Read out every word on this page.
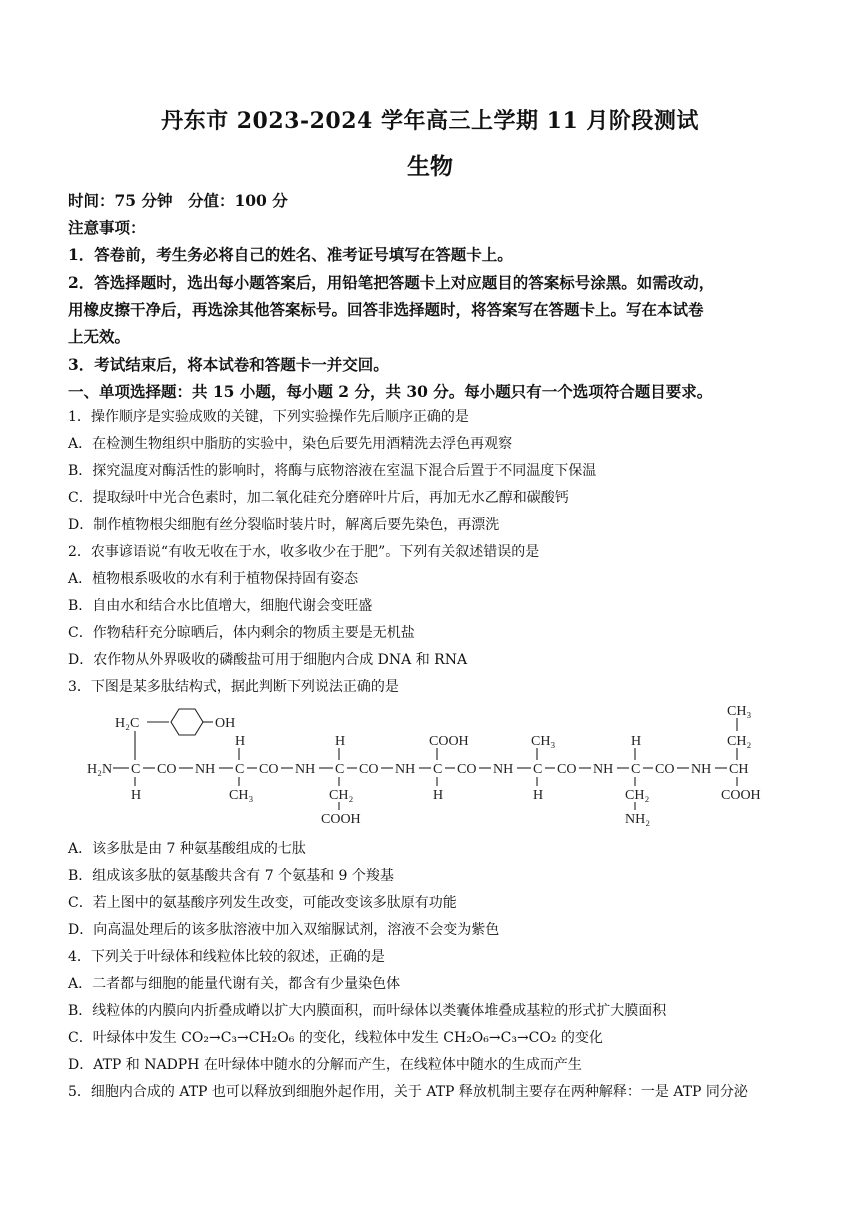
丹东市 2023-2024 学年高三上学期 11 月阶段测试
生物
时间：75 分钟　分值：100 分
注意事项：
1．答卷前，考生务必将自己的姓名、准考证号填写在答题卡上。
2．答选择题时，选出每小题答案后，用铅笔把答题卡上对应题目的答案标号涂黑。如需改动，
用橡皮擦干净后，再选涂其他答案标号。回答非选择题时，将答案写在答题卡上。写在本试卷
上无效。
3．考试结束后，将本试卷和答题卡一并交回。
一、单项选择题：共 15 小题，每小题 2 分，共 30 分。每小题只有一个选项符合题目要求。
1．操作顺序是实验成败的关键，下列实验操作先后顺序正确的是
A．在检测生物组织中脂肪的实验中，染色后要先用酒精洗去浮色再观察
B．探究温度对酶活性的影响时，将酶与底物溶液在室温下混合后置于不同温度下保温
C．提取绿叶中光合色素时，加二氧化硅充分磨碎叶片后，再加无水乙醇和碳酸钙
D．制作植物根尖细胞有丝分裂临时装片时，解离后要先染色，再漂洗
2．农事谚语说“有收无收在于水，收多收少在于肥”。下列有关叙述错误的是
A．植物根系吸收的水有利于植物保持固有姿态
B．自由水和结合水比值增大，细胞代谢会变旺盛
C．作物秸秆充分晾晒后，体内剩余的物质主要是无机盐
D．农作物从外界吸收的磷酸盐可用于细胞内合成 DNA 和 RNA
3．下图是某多肽结构式，据此判断下列说法正确的是
H₂C	OH
H	H	COOH	CH₃	H
CH₃
CH₂
H₂N C CO NH C CO NH C CO NH C CO NH C CO NH C CO NH CH
H	CH₃	CH₂
COOH
H	H	CH₂
NH₂
COOH
A．该多肽是由 7 种氨基酸组成的七肽
B．组成该多肽的氨基酸共含有 7 个氨基和 9 个羧基
C．若上图中的氨基酸序列发生改变，可能改变该多肽原有功能
D．向高温处理后的该多肽溶液中加入双缩脲试剂，溶液不会变为紫色
4．下列关于叶绿体和线粒体比较的叙述，正确的是
A．二者都与细胞的能量代谢有关，都含有少量染色体
B．线粒体的内膜向内折叠成嵴以扩大内膜面积，而叶绿体以类囊体堆叠成基粒的形式扩大膜面积
C．叶绿体中发生 CO₂→C₃→CH₂O₆ 的变化，线粒体中发生 CH₂O₆→C₃→CO₂ 的变化
D．ATP 和 NADPH 在叶绿体中随水的分解而产生，在线粒体中随水的生成而产生
5．细胞内合成的 ATP 也可以释放到细胞外起作用，关于 ATP 释放机制主要存在两种解释：一是 ATP 同分泌
